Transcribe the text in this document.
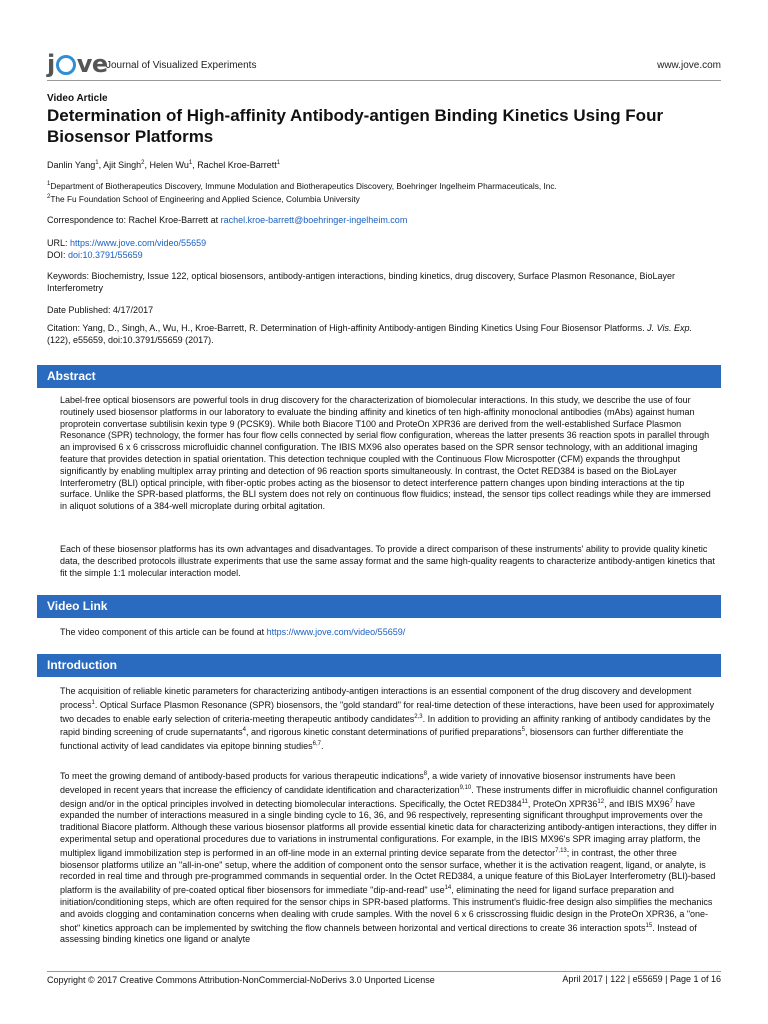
j ve
Journal of Visualized Experiments	www.jove.com
Video Article
Determination of High-affinity Antibody-antigen Binding Kinetics Using Four Biosensor Platforms
Danlin Yang$^1$, Ajit Singh$^2$, Helen Wu$^1$, Rachel Kroe-Barrett$^1$
$^1$Department of Biotherapeutics Discovery, Immune Modulation and Biotherapeutics Discovery, Boehringer Ingelheim Pharmaceuticals, Inc.
$^2$The Fu Foundation School of Engineering and Applied Science, Columbia University
Correspondence to: Rachel Kroe-Barrett at rachel.kroe-barrett@boehringer-ingelheim.com
URL: https://www.jove.com/video/55659
DOI: doi:10.3791/55659
Keywords: Biochemistry, Issue 122, optical biosensors, antibody-antigen interactions, binding kinetics, drug discovery, Surface Plasmon Resonance, BioLayer Interferometry
Date Published: 4/17/2017
Citation: Yang, D., Singh, A., Wu, H., Kroe-Barrett, R. Determination of High-affinity Antibody-antigen Binding Kinetics Using Four Biosensor Platforms. J. Vis. Exp. (122), e55659, doi:10.3791/55659 (2017).
Abstract
Label-free optical biosensors are powerful tools in drug discovery for the characterization of biomolecular interactions. In this study, we describe the use of four routinely used biosensor platforms in our laboratory to evaluate the binding affinity and kinetics of ten high-affinity monoclonal antibodies (mAbs) against human proprotein convertase subtilisin kexin type 9 (PCSK9). While both Biacore T100 and ProteOn XPR36 are derived from the well-established Surface Plasmon Resonance (SPR) technology, the former has four flow cells connected by serial flow configuration, whereas the latter presents 36 reaction spots in parallel through an improvised 6 x 6 crisscross microfluidic channel configuration. The IBIS MX96 also operates based on the SPR sensor technology, with an additional imaging feature that provides detection in spatial orientation. This detection technique coupled with the Continuous Flow Microspotter (CFM) expands the throughput significantly by enabling multiplex array printing and detection of 96 reaction sports simultaneously. In contrast, the Octet RED384 is based on the BioLayer Interferometry (BLI) optical principle, with fiber-optic probes acting as the biosensor to detect interference pattern changes upon binding interactions at the tip surface. Unlike the SPR-based platforms, the BLI system does not rely on continuous flow fluidics; instead, the sensor tips collect readings while they are immersed in aliquot solutions of a 384-well microplate during orbital agitation.
Each of these biosensor platforms has its own advantages and disadvantages. To provide a direct comparison of these instruments' ability to provide quality kinetic data, the described protocols illustrate experiments that use the same assay format and the same high-quality reagents to characterize antibody-antigen kinetics that fit the simple 1:1 molecular interaction model.
Video Link
The video component of this article can be found at https://www.jove.com/video/55659/
Introduction
The acquisition of reliable kinetic parameters for characterizing antibody-antigen interactions is an essential component of the drug discovery and development process$^1$. Optical Surface Plasmon Resonance (SPR) biosensors, the "gold standard" for real-time detection of these interactions, have been used for approximately two decades to enable early selection of criteria-meeting therapeutic antibody candidates$^{2,3}$. In addition to providing an affinity ranking of antibody candidates by the rapid binding screening of crude supernatants$^4$, and rigorous kinetic constant determinations of purified preparations$^5$, biosensors can further differentiate the functional activity of lead candidates via epitope binning studies$^{6,7}$.
To meet the growing demand of antibody-based products for various therapeutic indications$^8$, a wide variety of innovative biosensor instruments have been developed in recent years that increase the efficiency of candidate identification and characterization$^{9,10}$. These instruments differ in microfluidic channel configuration design and/or in the optical principles involved in detecting biomolecular interactions. Specifically, the Octet $RED384^{11}$, ProteOn $XPR36^{12}$, and IBIS $MX96^7$ have expanded the number of interactions measured in a single binding cycle to 16, 36, and 96 respectively, representing significant throughput improvements over the traditional Biacore platform. Although these various biosensor platforms all provide essential kinetic data for characterizing antibody-antigen interactions, they differ in experimental setup and operational procedures due to variations in instrumental configurations. For example, in the IBIS MX96's SPR imaging array platform, the multiplex ligand immobilization step is performed in an off-line mode in an external printing device separate from the detector$^{7,13}$; in contrast, the other three biosensor platforms utilize an "all-in-one" setup, where the addition of component onto the sensor surface, whether it is the activation reagent, ligand, or analyte, is recorded in real time and through pre-programmed commands in sequential order. In the Octet RED384, a unique feature of this BioLayer Interferometry (BLI)-based platform is the availability of pre-coated optical fiber biosensors for immediate "dip-and-read" use$^{14}$, eliminating the need for ligand surface preparation and initiation/conditioning steps, which are often required for the sensor chips in SPR-based platforms. This instrument's fluidic-free design also simplifies the mechanics and avoids clogging and contamination concerns when dealing with crude samples. With the novel 6 x 6 crisscrossing fluidic design in the ProteOn XPR36, a "one-shot" kinetics approach can be implemented by switching the flow channels between horizontal and vertical directions to create 36 interaction spots$^{15}$. Instead of assessing binding kinetics one ligand or analyte
Copyright © 2017 Creative Commons Attribution-NonCommercial-NoDerivs 3.0 Unported License	April 2017 | 122 | e55659 | Page 1 of 16
